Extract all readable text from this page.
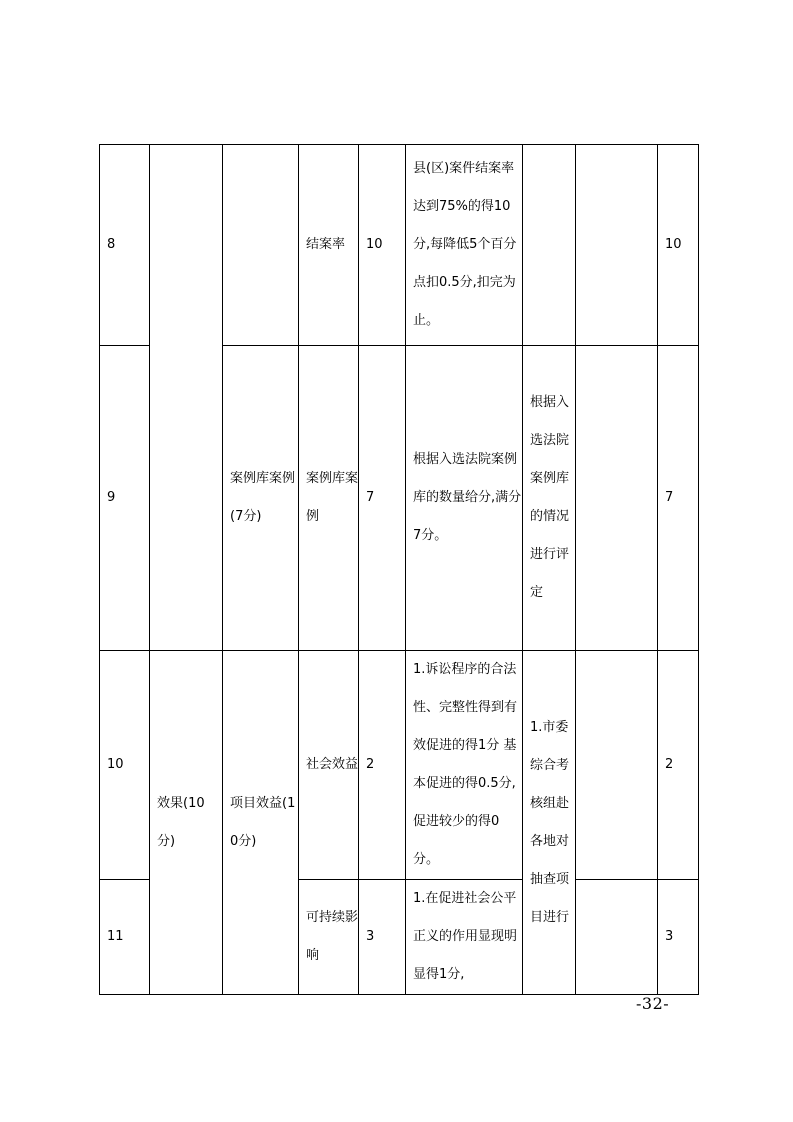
8			结案率	10	县(区)案件结案率达到75%的得10分,每降低5个百分点扣0.5分,扣完为止。			10
9		案例库案例(7分)	案例库案例	7	根据入选法院案例库的数量给分,满分7分。	根据入选法院案例库的情况进行评定		7
10	效果(10分)	项目效益(10分)	社会效益	2	1.诉讼程序的合法性、完整性得到有效促进的得1分 基本促进的得0.5分,促进较少的得0分。	1.市委综合考核组赴各地对抽查项目进行		2
11			可持续影响	3	1.在促进社会公平正义的作用显现明显得1分,			3
-32-
